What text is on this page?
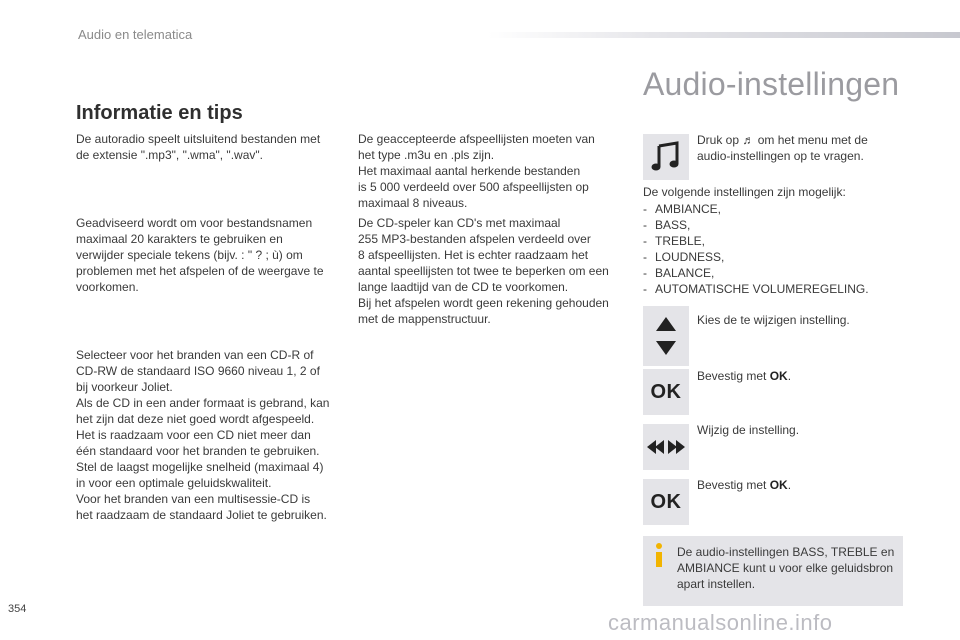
Audio en telematica
Informatie en tips

De autoradio speelt uitsluitend bestanden met
de extensie ".mp3", ".wma", ".wav".

Geadviseerd wordt om voor bestandsnamen
maximaal 20 karakters te gebruiken en
verwijder speciale tekens (bijv. : " ? ; ù) om
problemen met het afspelen of de weergave te
voorkomen.

Selecteer voor het branden van een CD-R of
CD-RW de standaard ISO 9660 niveau 1, 2 of
bij voorkeur Joliet.
Als de CD in een ander formaat is gebrand, kan
het zijn dat deze niet goed wordt afgespeeld.
Het is raadzaam voor een CD niet meer dan
één standaard voor het branden te gebruiken.
Stel de laagst mogelijke snelheid (maximaal 4)
in voor een optimale geluidskwaliteit.
Voor het branden van een multisessie-CD is
het raadzaam de standaard Joliet te gebruiken.

De geaccepteerde afspeellijsten moeten van
het type .m3u en .pls zijn.
Het maximaal aantal herkende bestanden
is 5 000 verdeeld over 500 afspeellijsten op
maximaal 8 niveaus.

De CD-speler kan CD's met maximaal
255 MP3-bestanden afspelen verdeeld over
8 afspeellijsten. Het is echter raadzaam het
aantal speellijsten tot twee te beperken om een
lange laadtijd van de CD te voorkomen.
Bij het afspelen wordt geen rekening gehouden
met de mappenstructuur.

Audio-instellingen

Druk op ♬ om het menu met de
audio-instellingen op te vragen.

De volgende instellingen zijn mogelijk:

- AMBIANCE,
- BASS,
- TREBLE,
- LOUDNESS,
- BALANCE,
- AUTOMATISCHE VOLUMEREGELING.

Kies de te wijzigen instelling.

OK

Bevestig met OK.

Wijzig de instelling.

OK

Bevestig met OK.

De audio-instellingen BASS, TREBLE en
AMBIANCE kunt u voor elke geluidsbron
apart instellen.

354
carmanualsonline.info
